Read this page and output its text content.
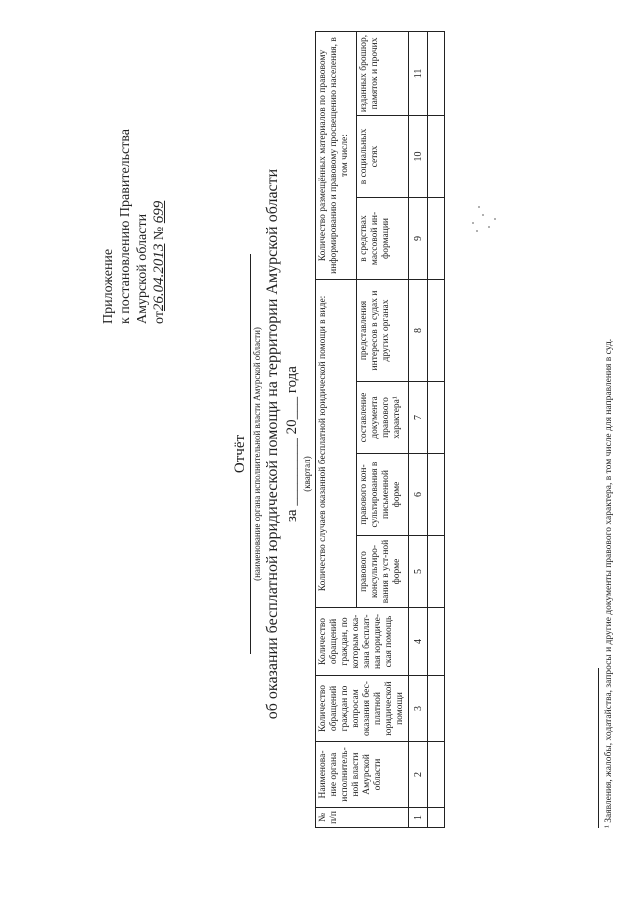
Приложение к постановлению Правительства Амурской области от26.04.2013 № 699
Отчёт (наименование органа исполнительной власти Амурской области) об оказании бесплатной юридической помощи на территории Амурской области за _________ 20___ года (квартал)
№ п/п	Наименова-ние органа исполнитель-ной власти Амурской области	Количество обращений граждан по вопросам оказания бес-платной юридической помощи	Количество обращений граждан, по которым ока-зана бесплат-ная юридиче-ская помощь	Количество случаев оказанной бесплатной юридической помощи в виде:				Количество размещённых материалов по правовому информированию и правовому просвещению населения, в том числе:		
				правового консультиро-вания в уст-ной форме	правового кон-сультирования в письменной форме	составление документа правового характера¹	представления интересов в судах и других органах	в средствах массовой ин-формации	в социальных сетях	изданных брошюр, памяток и прочих
1	2	3	4	5	6	7	8	9	10	11

¹ Заявления, жалобы, ходатайства, запросы и другие документы правового характера, в том числе для направления в суд.
